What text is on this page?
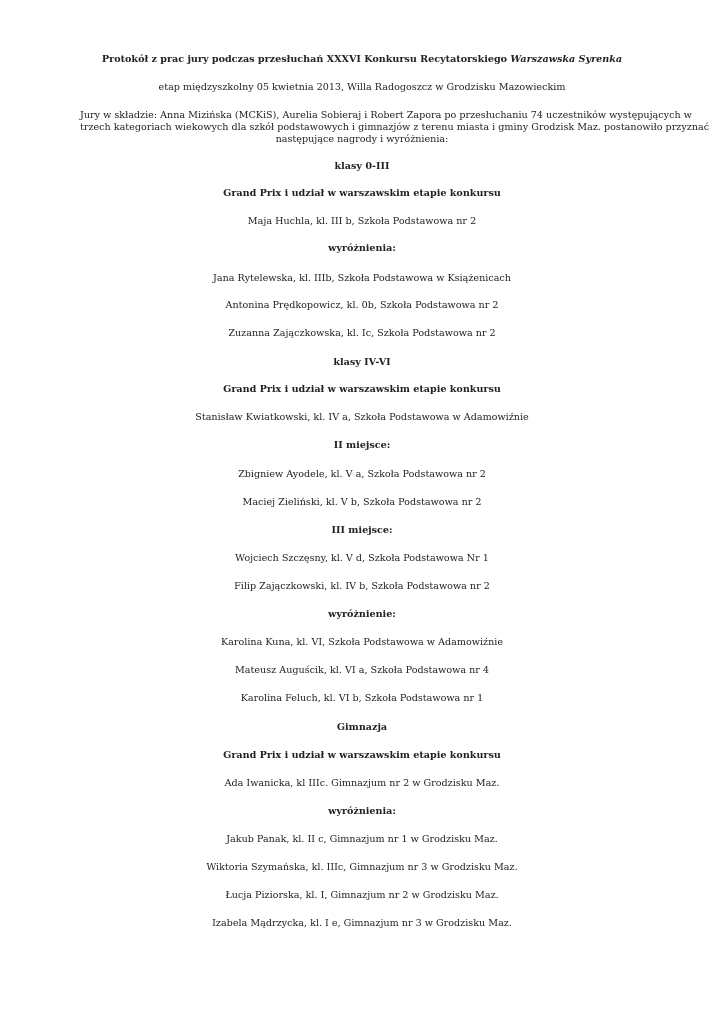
Protokół z prac jury podczas przesłuchań XXXVI Konkursu Recytatorskiego Warszawska Syrenka
etap międzyszkolny 05 kwietnia 2013, Willa Radogoszcz w Grodzisku Mazowieckim
Jury w składzie: Anna Mizińska (MCKiS), Aurelia Sobieraj i Robert Zapora po przesłuchaniu 74 uczestników występujących w
trzech kategoriach wiekowych dla szkół podstawowych i gimnazjów z terenu miasta i gminy Grodzisk Maz. postanowiło przyznać
następujące nagrody i wyróżnienia:
klasy 0-III
Grand Prix i udział w warszawskim etapie konkursu
Maja Huchla, kl. III b, Szkoła Podstawowa nr 2
wyróżnienia:
Jana Rytelewska, kl. IIIb, Szkoła Podstawowa w Książenicach
Antonina Prędkopowicz, kl. 0b, Szkoła Podstawowa nr 2
Zuzanna Zajączkowska, kl. Ic, Szkoła Podstawowa nr 2
klasy IV-VI
Grand Prix i udział w warszawskim etapie konkursu
Stanisław Kwiatkowski, kl. IV a, Szkoła Podstawowa w Adamowiźnie
II miejsce:
Zbigniew Ayodele, kl. V a, Szkoła Podstawowa nr 2
Maciej Zieliński, kl. V b, Szkoła Podstawowa nr 2
III miejsce:
Wojciech Szczęsny, kl. V d, Szkoła Podstawowa Nr 1
Filip Zajączkowski, kl. IV b, Szkoła Podstawowa nr 2
wyróżnienie:
Karolina Kuna, kl. VI, Szkoła Podstawowa w Adamowiźnie
Mateusz Auguścik, kl. VI a, Szkoła Podstawowa nr 4
Karolina Feluch, kl. VI b, Szkoła Podstawowa nr 1
Gimnazja
Grand Prix i udział w warszawskim etapie konkursu
Ada Iwanicka, kl IIIc. Gimnazjum nr 2 w Grodzisku Maz.
wyróżnienia:
Jakub Panak, kl. II c, Gimnazjum nr 1 w Grodzisku Maz.
Wiktoria Szymańska, kl. IIIc, Gimnazjum nr 3 w Grodzisku Maz.
Łucja Piziorska, kl. I, Gimnazjum nr 2 w Grodzisku Maz.
Izabela Mądrzycka, kl. I e, Gimnazjum nr 3 w Grodzisku Maz.
